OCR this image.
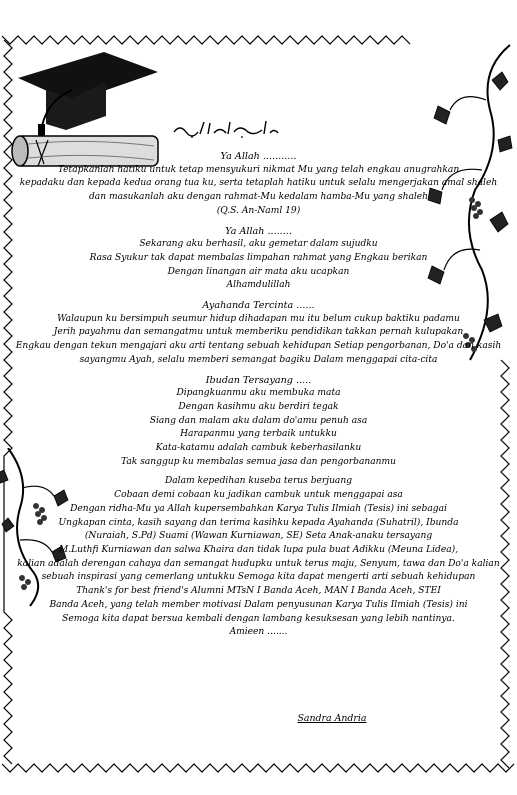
Ya Allah ...........
Tetapkanlah hatiku untuk tetap mensyukuri nikmat Mu yang telah engkau anugrahkan
kepadaku dan kepada kedua orang tua ku, serta tetaplah hatiku untuk selalu mengerjakan amal shaleh
dan masukanlah aku dengan rahmat-Mu kedalam hamba-Mu yang shaleh
(Q.S. An-Naml 19)
Ya Allah ........
Sekarang aku berhasil, aku gemetar dalam sujudku
Rasa Syukur tak dapat membalas limpahan rahmat yang Engkau berikan
Dengan linangan air mata aku ucapkan
Alhamdulillah
Ayahanda Tercinta ......
Walaupun ku bersimpuh seumur hidup dihadapan mu itu belum cukup baktiku padamu
Jerih payahmu dan semangatmu untuk memberiku pendidikan takkan pernah kulupakan
Engkau dengan tekun mengajari aku arti tentang sebuah kehidupan Setiap pengorbanan, Do'a dan kasih
sayangmu Ayah, selalu memberi semangat bagiku Dalam menggapai cita-cita
Ibudan Tersayang .....
Dipangkuanmu aku membuka mata
Dengan kasihmu aku berdiri tegak
Siang dan malam aku dalam do'amu penuh asa
Harapanmu yang terbaik untukku
Kata-katamu adalah cambuk keberhasilanku
Tak sanggup ku membalas semua jasa dan pengorbananmu
Dalam kepedihan kuseba terus berjuang
Cobaan demi cobaan ku jadikan cambuk untuk menggapai asa
Dengan ridha-Mu ya Allah kupersembahkan Karya Tulis Ilmiah (Tesis) ini sebagai
Ungkapan cinta, kasih sayang dan terima kasihku kepada Ayahanda (Suhatril), Ibunda
(Nuraiah, S.Pd) Suami (Wawan Kurniawan, SE) Seta Anak-anaku tersayang
M.Luthfi Kurniawan dan salwa Khaira dan tidak lupa pula buat Adikku (Meuna Lidea),
kalian adalah derengan cahaya dan semangat hudupku untuk terus maju, Senyum, tawa dan Do'a kalian
sebuah inspirasi yang cemerlang untukku Semoga kita dapat mengerti arti sebuah kehidupan
Thank's for best friend's Alumni MTsN I Banda Aceh, MAN I Banda Aceh, STEI
Banda Aceh, yang telah member motivasi Dalam penyusunan Karya Tulis Ilmiah (Tesis) ini
Semoga kita dapat bersua kembali dengan lambang kesuksesan yang lebih nantinya.
Amieen .......
Sandra Andria
